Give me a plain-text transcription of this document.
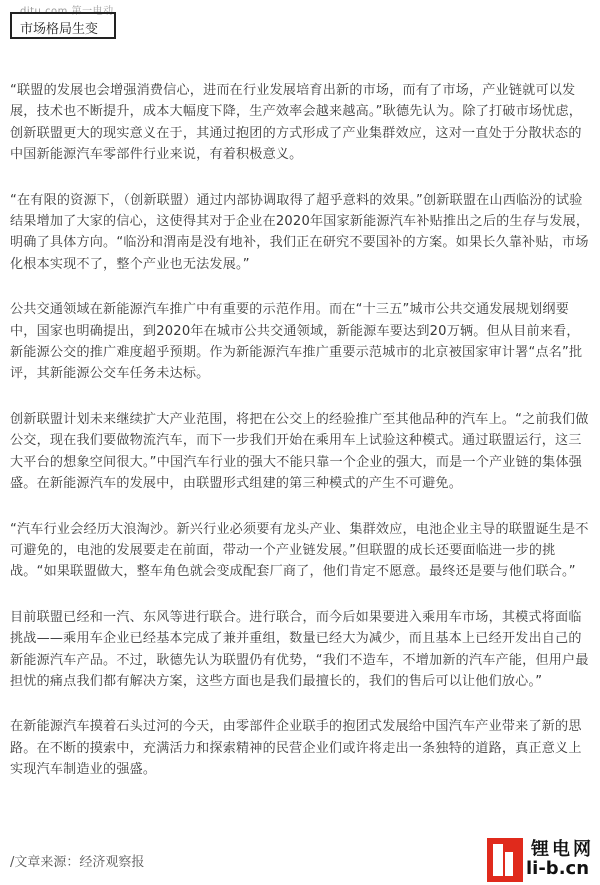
ditu.com 第一电动
市场格局生变

“联盟的发展也会增强消费信心，进而在行业发展培育出新的市场，而有了市场，产业链就可以发展，技术也不断提升，成本大幅度下降，生产效率会越来越高。”耿德先认为。除了打破市场忧虑，创新联盟更大的现实意义在于，其通过抱团的方式形成了产业集群效应，这对一直处于分散状态的中国新能源汽车零部件行业来说，有着积极意义。

“在有限的资源下，（创新联盟）通过内部协调取得了超乎意料的效果。”创新联盟在山西临汾的试验结果增加了大家的信心，这使得其对于企业在2020年国家新能源汽车补贴推出之后的生存与发展，明确了具体方向。“临汾和渭南是没有地补，我们正在研究不要国补的方案。如果长久靠补贴，市场化根本实现不了，整个产业也无法发展。”

公共交通领域在新能源汽车推广中有重要的示范作用。而在“十三五”城市公共交通发展规划纲要中，国家也明确提出，到2020年在城市公共交通领域，新能源车要达到20万辆。但从目前来看，新能源公交的推广难度超乎预期。作为新能源汽车推广重要示范城市的北京被国家审计署“点名”批评，其新能源公交车任务未达标。

创新联盟计划未来继续扩大产业范围，将把在公交上的经验推广至其他品种的汽车上。“之前我们做公交，现在我们要做物流汽车，而下一步我们开始在乘用车上试验这种模式。通过联盟运行，这三大平台的想象空间很大。”中国汽车行业的强大不能只靠一个企业的强大，而是一个产业链的集体强盛。在新能源汽车的发展中，由联盟形式组建的第三种模式的产生不可避免。

“汽车行业会经历大浪淘沙。新兴行业必须要有龙头产业、集群效应，电池企业主导的联盟诞生是不可避免的，电池的发展要走在前面，带动一个产业链发展。”但联盟的成长还要面临进一步的挑战。“如果联盟做大，整车角色就会变成配套厂商了，他们肯定不愿意。最终还是要与他们联合。”

目前联盟已经和一汽、东风等进行联合。进行联合，而今后如果要进入乘用车市场，其模式将面临挑战——乘用车企业已经基本完成了兼并重组，数量已经大为减少，而且基本上已经开发出自己的新能源汽车产品。不过，耿德先认为联盟仍有优势，“我们不造车，不增加新的汽车产能，但用户最担忧的痛点我们都有解决方案，这些方面也是我们最擅长的，我们的售后可以让他们放心。”

在新能源汽车摸着石头过河的今天，由零部件企业联手的抱团式发展给中国汽车产业带来了新的思路。在不断的摸索中，充满活力和探索精神的民营企业们或许将走出一条独特的道路，真正意义上实现汽车制造业的强盛。

/文章来源：经济观察报
锂电网
li-b.cn
